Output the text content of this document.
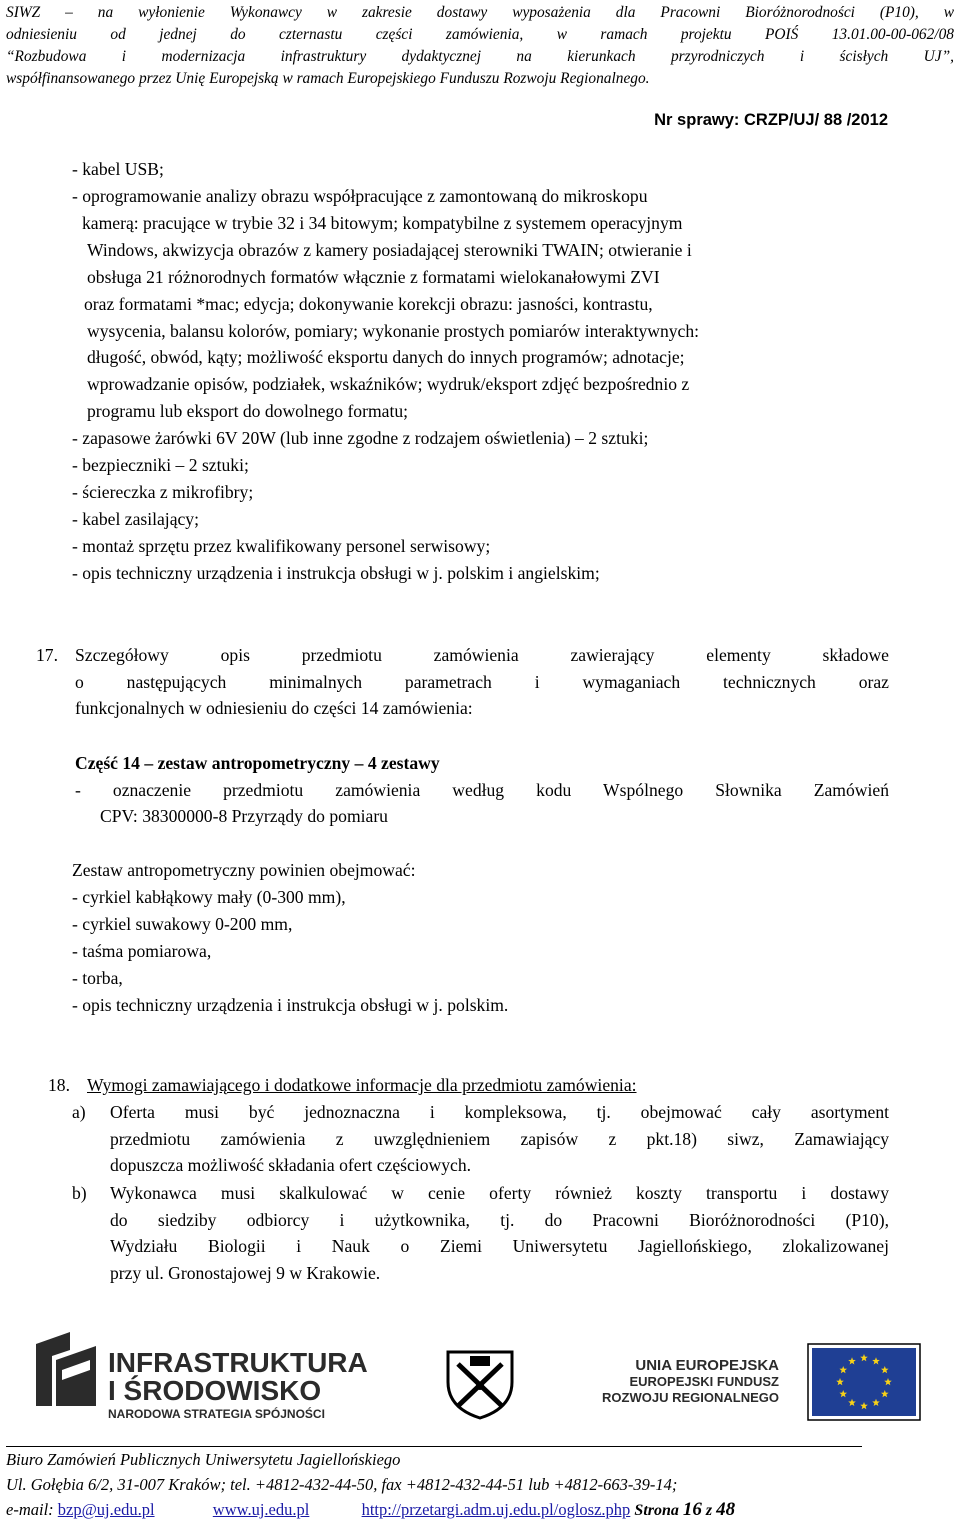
SIWZ – na wyłonienie Wykonawcy w zakresie dostawy wyposażenia dla Pracowni Bioróżnorodności (P10), w
odniesieniu od jednej do czternastu części zamówienia, w ramach projektu POIŚ 13.01.00-00-062/08
“Rozbudowa i modernizacja infrastruktury dydaktycznej na kierunkach przyrodniczych i ścisłych UJ”,
współfinansowanego przez Unię Europejską w ramach Europejskiego Funduszu Rozwoju Regionalnego.
Nr sprawy: CRZP/UJ/ 88 /2012
- kabel USB;
- oprogramowanie analizy obrazu współpracujące z zamontowaną do mikroskopu
kamerą: pracujące w trybie 32 i 34 bitowym; kompatybilne z systemem operacyjnym
Windows, akwizycja obrazów z kamery posiadającej sterowniki TWAIN; otwieranie i
obsługa 21 różnorodnych formatów włącznie z formatami wielokanałowymi ZVI
oraz formatami *mac; edycja; dokonywanie korekcji obrazu: jasności, kontrastu,
wysycenia, balansu kolorów, pomiary; wykonanie prostych pomiarów interaktywnych:
długość, obwód, kąty; możliwość eksportu danych do innych programów; adnotacje;
wprowadzanie opisów, podziałek, wskaźników; wydruk/eksport zdjęć bezpośrednio z
programu lub eksport do dowolnego formatu;
- zapasowe żarówki 6V 20W (lub inne zgodne z rodzajem oświetlenia) – 2 sztuki;
- bezpieczniki – 2 sztuki;
- ściereczka z mikrofibry;
- kabel zasilający;
- montaż sprzętu przez kwalifikowany personel serwisowy;
- opis techniczny urządzenia i instrukcja obsługi w j. polskim i angielskim;
17. Szczegółowy opis przedmiotu zamówienia zawierający elementy składowe
o następujących minimalnych parametrach i wymaganiach technicznych oraz
funkcjonalnych w odniesieniu do części 14 zamówienia:
Część 14 – zestaw antropometryczny – 4 zestawy
- oznaczenie przedmiotu zamówienia według kodu Wspólnego Słownika Zamówień
CPV: 38300000-8 Przyrządy do pomiaru
Zestaw antropometryczny powinien obejmować:
- cyrkiel kabłąkowy mały (0-300 mm),
- cyrkiel suwakowy 0-200 mm,
- taśma pomiarowa,
- torba,
- opis techniczny urządzenia i instrukcja obsługi w j. polskim.
18. Wymogi zamawiającego i dodatkowe informacje dla przedmiotu zamówienia:
a) Oferta musi być jednoznaczna i kompleksowa, tj. obejmować cały asortyment
przedmiotu zamówienia z uwzględnieniem zapisów z pkt.18) siwz, Zamawiający
dopuszcza możliwość składania ofert częściowych.
b) Wykonawca musi skalkulować w cenie oferty również koszty transportu i dostawy
do siedziby odbiorcy i użytkownika, tj. do Pracowni Bioróżnorodności (P10),
Wydziału Biologii i Nauk o Ziemi Uniwersytetu Jagiellońskiego, zlokalizowanej
przy ul. Gronostajowej 9 w Krakowie.
INFRASTRUKTURA
I ŚRODOWISKO
NARODOWA STRATEGIA SPÓJNOŚCI
UNIA EUROPEJSKA
EUROPEJSKI FUNDUSZ
ROZWOJU REGIONALNEGO
Biuro Zamówień Publicznych Uniwersytetu Jagiellońskiego
Ul. Gołębia 6/2, 31-007 Kraków; tel. +4812-432-44-50, fax +4812-432-44-51 lub +4812-663-39-14;
e-mail: bzp@uj.edu.pl	www.uj.edu.pl	http://przetargi.adm.uj.edu.pl/oglosz.php Strona 16 z 48
